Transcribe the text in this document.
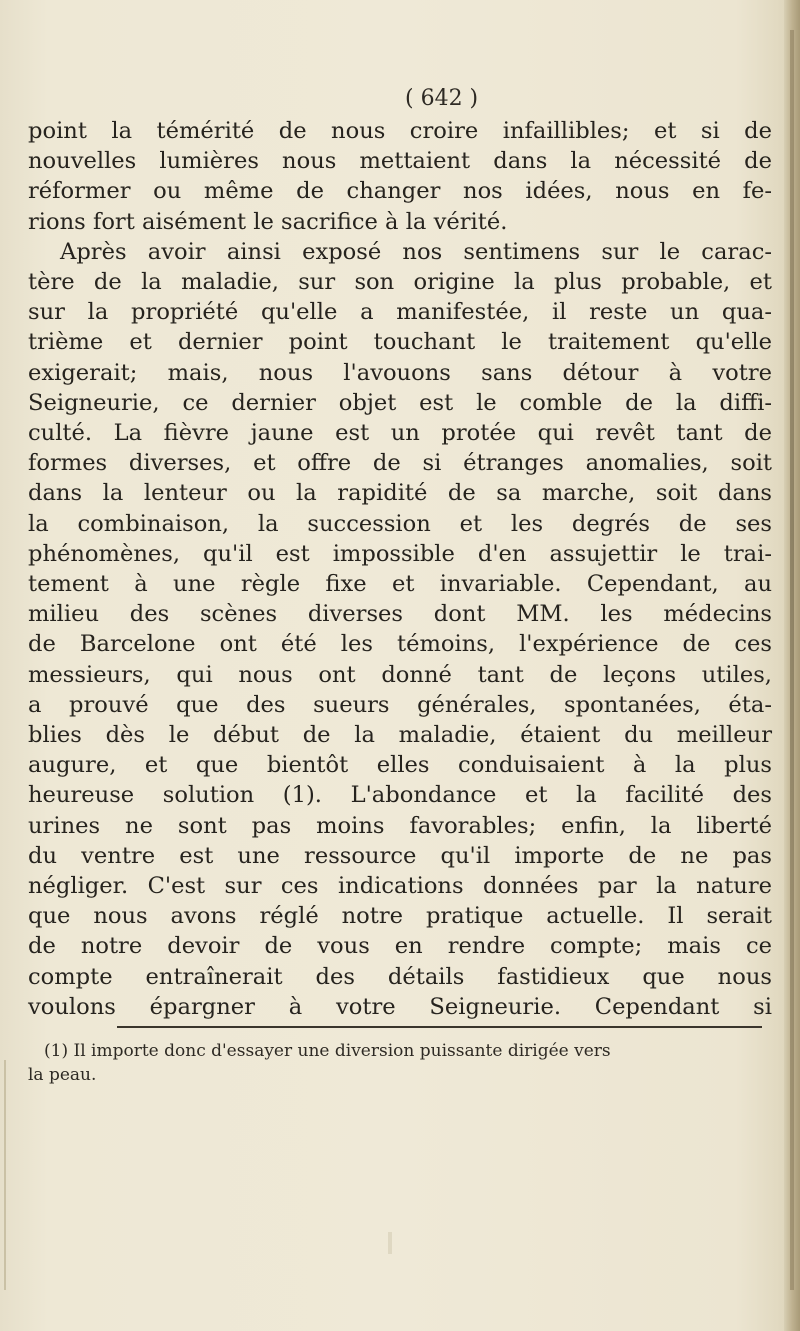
( 642 )
point la témérité de nous croire infaillibles; et si de
nouvelles lumières nous mettaient dans la nécessité de
réformer ou même de changer nos idées, nous en fe-
rions fort aisément le sacrifice à la vérité.
Après avoir ainsi exposé nos sentimens sur le carac-
tère de la maladie, sur son origine la plus probable, et
sur la propriété qu'elle a manifestée, il reste un qua-
trième et dernier point touchant le traitement qu'elle
exigerait; mais, nous l'avouons sans détour à votre
Seigneurie, ce dernier objet est le comble de la diffi-
culté. La fièvre jaune est un protée qui revêt tant de
formes diverses, et offre de si étranges anomalies, soit
dans la lenteur ou la rapidité de sa marche, soit dans
la combinaison, la succession et les degrés de ses
phénomènes, qu'il est impossible d'en assujettir le trai-
tement à une règle fixe et invariable. Cependant, au
milieu des scènes diverses dont MM. les médecins
de Barcelone ont été les témoins, l'expérience de ces
messieurs, qui nous ont donné tant de leçons utiles,
a prouvé que des sueurs générales, spontanées, éta-
blies dès le début de la maladie, étaient du meilleur
augure, et que bientôt elles conduisaient à la plus
heureuse solution (1). L'abondance et la facilité des
urines ne sont pas moins favorables; enfin, la liberté
du ventre est une ressource qu'il importe de ne pas
négliger. C'est sur ces indications données par la nature
que nous avons réglé notre pratique actuelle. Il serait
de notre devoir de vous en rendre compte; mais ce
compte entraînerait des détails fastidieux que nous
voulons épargner à votre Seigneurie. Cependant si
(1) Il importe donc d'essayer une diversion puissante dirigée vers
la peau.
